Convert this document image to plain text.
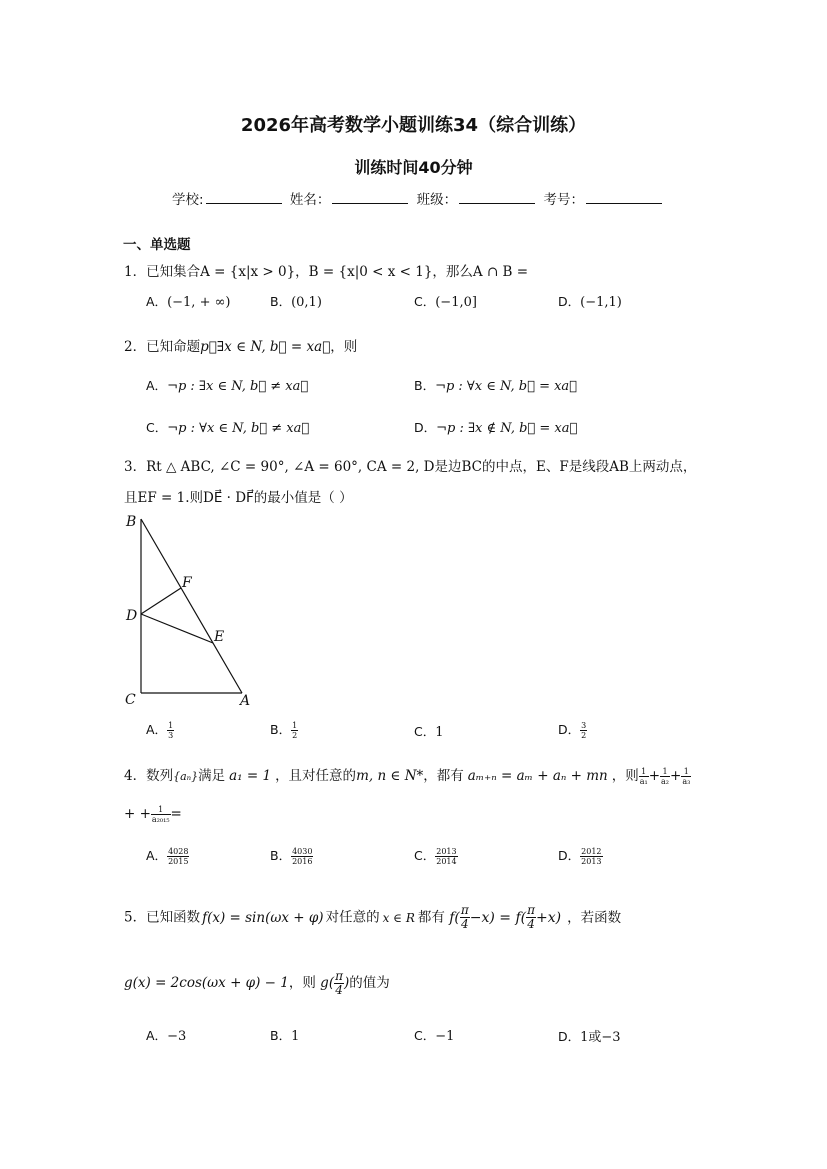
2026年高考数学小题训练34（综合训练）
训练时间40分钟
学校:	姓名：	班级：	考号：
一、单选题
1．已知集合A = {x|x > 0}，B = {x|0 < x < 1}，那么A ∩ B =
A．(−1, + ∞)	B．(0,1)	C．(−1,0]	D．(−1,1)
2．已知命题p：∃x ∈ N, b⃗ = xa⃗，则
A．¬p : ∃x ∈ N, b⃗ ≠ xa⃗	B．¬p : ∀x ∈ N, b⃗ = xa⃗
C．¬p : ∀x ∈ N, b⃗ ≠ xa⃗	D．¬p : ∃x ∉ N, b⃗ = xa⃗
3．Rt △ ABC, ∠C = 90°, ∠A = 60°, CA = 2, D是边BC的中点，E、F是线段AB上两动点，
且EF = 1.则DE⃗ · DF⃗的最小值是（ ）
B
F
D
E
C	A
A． $\frac{1}{3}$	B． $\frac{1}{2}$	C．1	D． $\frac{3}{2}$
4．数列{aₙ}满足 a₁ = 1 ，且对任意的m, n ∈ N*，都有 aₘ₊ₙ = aₘ + aₙ + mn ，则 $\frac{1}{\text{a₁}} + \frac{1}{\text{a₂}} + \frac{1}{\text{a₃}}$
+ + $\frac{1}{\text{a₂₀₁₅}}$ =
A． $\frac{4028}{2015}$	B． $\frac{4030}{2016}$	C． $\frac{2013}{2014}$	D． $\frac{2012}{2013}$
5．已知函数 f(x) = sin(ωx + φ) 对任意的 x ∈ R 都有 $f( \frac{\pi}{4} -x) = f( \frac{\pi}{4} +x)$ ，若函数
g(x) = 2cos(ωx + φ) − 1，则 $g( \frac{\pi}{4}$ )的值为
A．−3	B．1	C．−1	D．1或−3
